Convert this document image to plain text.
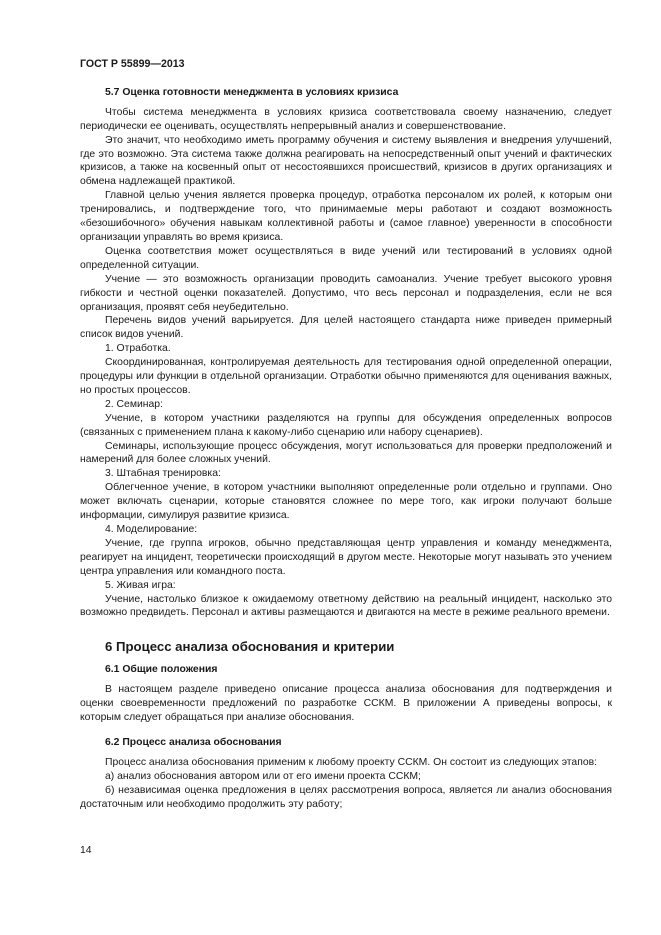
ГОСТ Р 55899—2013
5.7 Оценка готовности менеджмента в условиях кризиса

Чтобы система менеджмента в условиях кризиса соответствовала своему назначению, следует периодически ее оценивать, осуществлять непрерывный анализ и совершенствование.

Это значит, что необходимо иметь программу обучения и систему выявления и внедрения улучшений, где это возможно. Эта система также должна реагировать на непосредственный опыт учений и фактических кризисов, а также на косвенный опыт от несостоявшихся происшествий, кризисов в других организациях и обмена надлежащей практикой.

Главной целью учения является проверка процедур, отработка персоналом их ролей, к которым они тренировались, и подтверждение того, что принимаемые меры работают и создают возможность «безошибочного» обучения навыкам коллективной работы и (самое главное) уверенности в способности организации управлять во время кризиса.

Оценка соответствия может осуществляться в виде учений или тестирований в условиях одной определенной ситуации.

Учение — это возможность организации проводить самоанализ. Учение требует высокого уровня гибкости и честной оценки показателей. Допустимо, что весь персонал и подразделения, если не вся организация, проявят себя неубедительно.

Перечень видов учений варьируется. Для целей настоящего стандарта ниже приведен примерный список видов учений.

1. Отработка.

Скоординированная, контролируемая деятельность для тестирования одной определенной операции, процедуры или функции в отдельной организации. Отработки обычно применяются для оценивания важных, но простых процессов.

2. Семинар:

Учение, в котором участники разделяются на группы для обсуждения определенных вопросов (связанных с применением плана к какому-либо сценарию или набору сценариев).

Семинары, использующие процесс обсуждения, могут использоваться для проверки предположений и намерений для более сложных учений.

3. Штабная тренировка:

Облегченное учение, в котором участники выполняют определенные роли отдельно и группами. Оно может включать сценарии, которые становятся сложнее по мере того, как игроки получают больше информации, симулируя развитие кризиса.

4. Моделирование:

Учение, где группа игроков, обычно представляющая центр управления и команду менеджмента, реагирует на инцидент, теоретически происходящий в другом месте. Некоторые могут называть это учением центра управления или командного поста.

5. Живая игра:

Учение, настолько близкое к ожидаемому ответному действию на реальный инцидент, насколько это возможно предвидеть. Персонал и активы размещаются и двигаются на месте в режиме реального времени.

6 Процесс анализа обоснования и критерии
6.1 Общие положения

В настоящем разделе приведено описание процесса анализа обоснования для подтверждения и оценки своевременности предложений по разработке ССКМ. В приложении А приведены вопросы, к которым следует обращаться при анализе обоснования.

6.2 Процесс анализа обоснования

Процесс анализа обоснования применим к любому проекту ССКМ. Он состоит из следующих этапов:

а) анализ обоснования автором или от его имени проекта ССКМ;

б) независимая оценка предложения в целях рассмотрения вопроса, является ли анализ обоснования достаточным или необходимо продолжить эту работу;

14
